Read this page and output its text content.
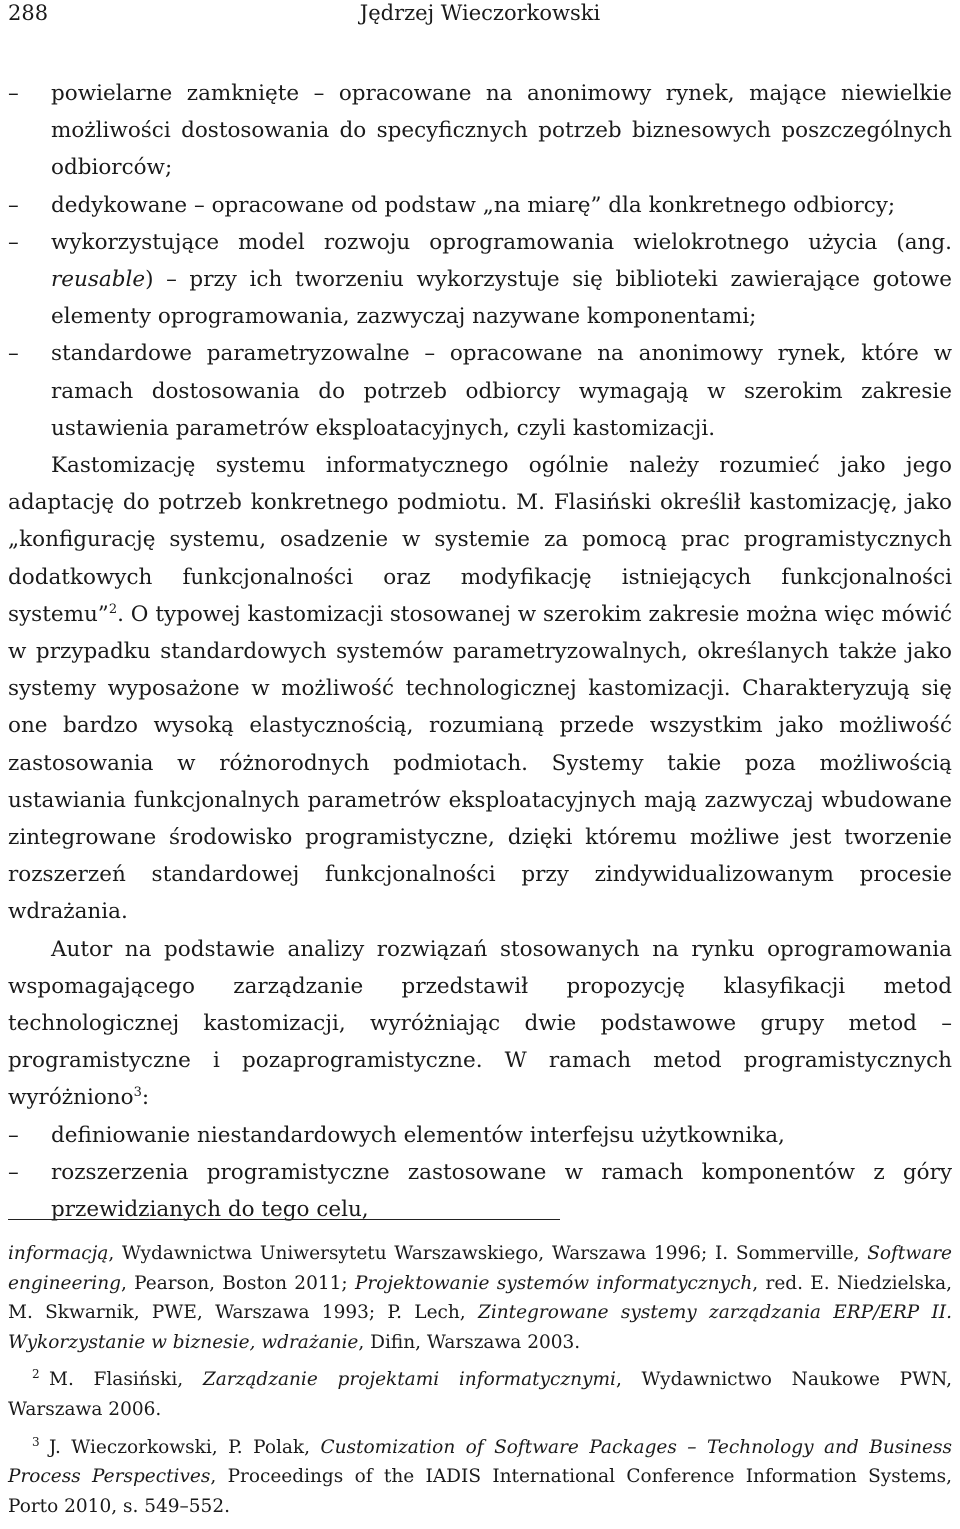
288	Jędrzej Wieczorkowski
– powielarne zamknięte – opracowane na anonimowy rynek, mające niewielkie możliwości dostosowania do specyficznych potrzeb biznesowych poszczególnych odbiorców;
– dedykowane – opracowane od podstaw „na miarę” dla konkretnego odbiorcy;
– wykorzystujące model rozwoju oprogramowania wielokrotnego użycia (ang. reusable) – przy ich tworzeniu wykorzystuje się biblioteki zawierające gotowe elementy oprogramowania, zazwyczaj nazywane komponentami;
– standardowe parametryzowalne – opracowane na anonimowy rynek, które w ramach dostosowania do potrzeb odbiorcy wymagają w szerokim zakresie ustawienia parametrów eksploatacyjnych, czyli kastomizacji.

Kastomizację systemu informatycznego ogólnie należy rozumieć jako jego adaptację do potrzeb konkretnego podmiotu. M. Flasiński określił kastomizację, jako „konfigurację systemu, osadzenie w systemie za pomocą prac programistycznych dodatkowych funkcjonalności oraz modyfikację istniejących funkcjonalności systemu”$^2$. O typowej kastomizacji stosowanej w szerokim zakresie można więc mówić w przypadku standardowych systemów parametryzowalnych, określanych także jako systemy wyposażone w możliwość technologicznej kastomizacji. Charakteryzują się one bardzo wysoką elastycznością, rozumianą przede wszystkim jako możliwość zastosowania w różnorodnych podmiotach. Systemy takie poza możliwością ustawiania funkcjonalnych parametrów eksploatacyjnych mają zazwyczaj wbudowane zintegrowane środowisko programistyczne, dzięki któremu możliwe jest tworzenie rozszerzeń standardowej funkcjonalności przy zindywidualizowanym procesie wdrażania.

Autor na podstawie analizy rozwiązań stosowanych na rynku oprogramowania wspomagającego zarządzanie przedstawił propozycję klasyfikacji metod technologicznej kastomizacji, wyróżniając dwie podstawowe grupy metod – programistyczne i pozaprogramistyczne. W ramach metod programistycznych wyróżniono$^3$:

– definiowanie niestandardowych elementów interfejsu użytkownika,
– rozszerzenia programistyczne zastosowane w ramach komponentów z góry przewidzianych do tego celu,

informacją, Wydawnictwa Uniwersytetu Warszawskiego, Warszawa 1996; I. Sommerville, Software engineering, Pearson, Boston 2011; Projektowanie systemów informatycznych, red. E. Niedzielska, M. Skwarnik, PWE, Warszawa 1993; P. Lech, Zintegrowane systemy zarządzania ERP/ERP II. Wykorzystanie w biznesie, wdrażanie, Difin, Warszawa 2003.

2 M. Flasiński, Zarządzanie projektami informatycznymi, Wydawnictwo Naukowe PWN, Warszawa 2006.

3 J. Wieczorkowski, P. Polak, Customization of Software Packages – Technology and Business Process Perspectives, Proceedings of the IADIS International Conference Information Systems, Porto 2010, s. 549–552.
